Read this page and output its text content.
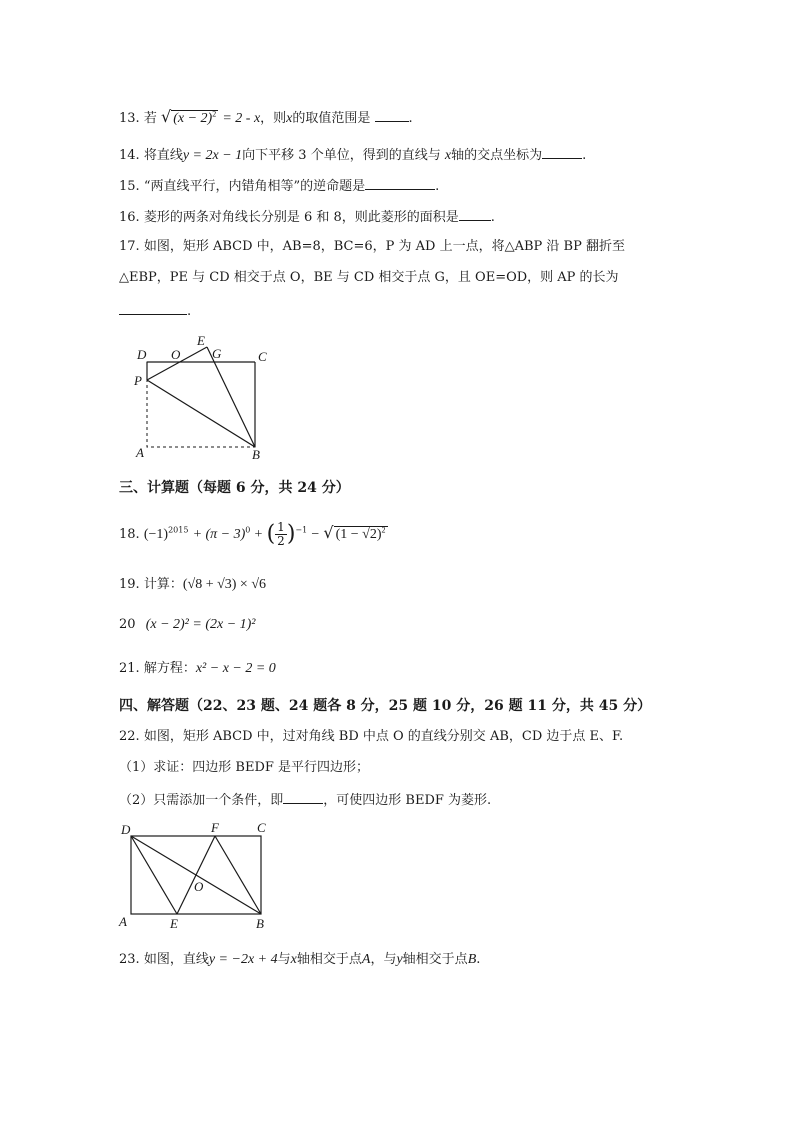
13. 若 √ $(x - 2)^2 = 2 - x$，则x的取值范围是	.
14. 将直线y = 2x − 1向下平移 3 个单位，得到的直线与 x轴的交点坐标为	.
15. “两直线平行，内错角相等”的逆命题是	.
16. 菱形的两条对角线长分别是 6 和 8，则此菱形的面积是 .
17. 如图，矩形 ABCD 中，AB=8，BC=6，P 为 AD 上一点，将△ABP 沿 BP 翻折至
△EBP，PE 与 CD 相交于点 O，BE 与 CD 相交于点 G，且 OE=OD，则 AP 的长为
.
D O
E
G	C
P
A	B
三、计算题（每题 6 分，共 24 分）
18. $(-1)^{2015} + (\pi - 3)^0$ + ( $\frac{1}{2} )^{-1}$ − √ $(1 - √2)^2$
19. 计算：(√8 + √3) × √6
20 (x − 2)² = (2x − 1)²
21. 解方程：x² − x − 2 = 0
四、解答题（22、23 题、24 题各 8 分，25 题 10 分，26 题 11 分，共 45 分）
22. 如图，矩形 ABCD 中，过对角线 BD 中点 O 的直线分别交 AB，CD 边于点 E、F.
（1）求证：四边形 BEDF 是平行四边形；
（2）只需添加一个条件，即	，可使四边形 BEDF 为菱形.
D	F	C
O
A	E	B
23. 如图，直线y = −2x + 4与x轴相交于点A，与y轴相交于点B.
